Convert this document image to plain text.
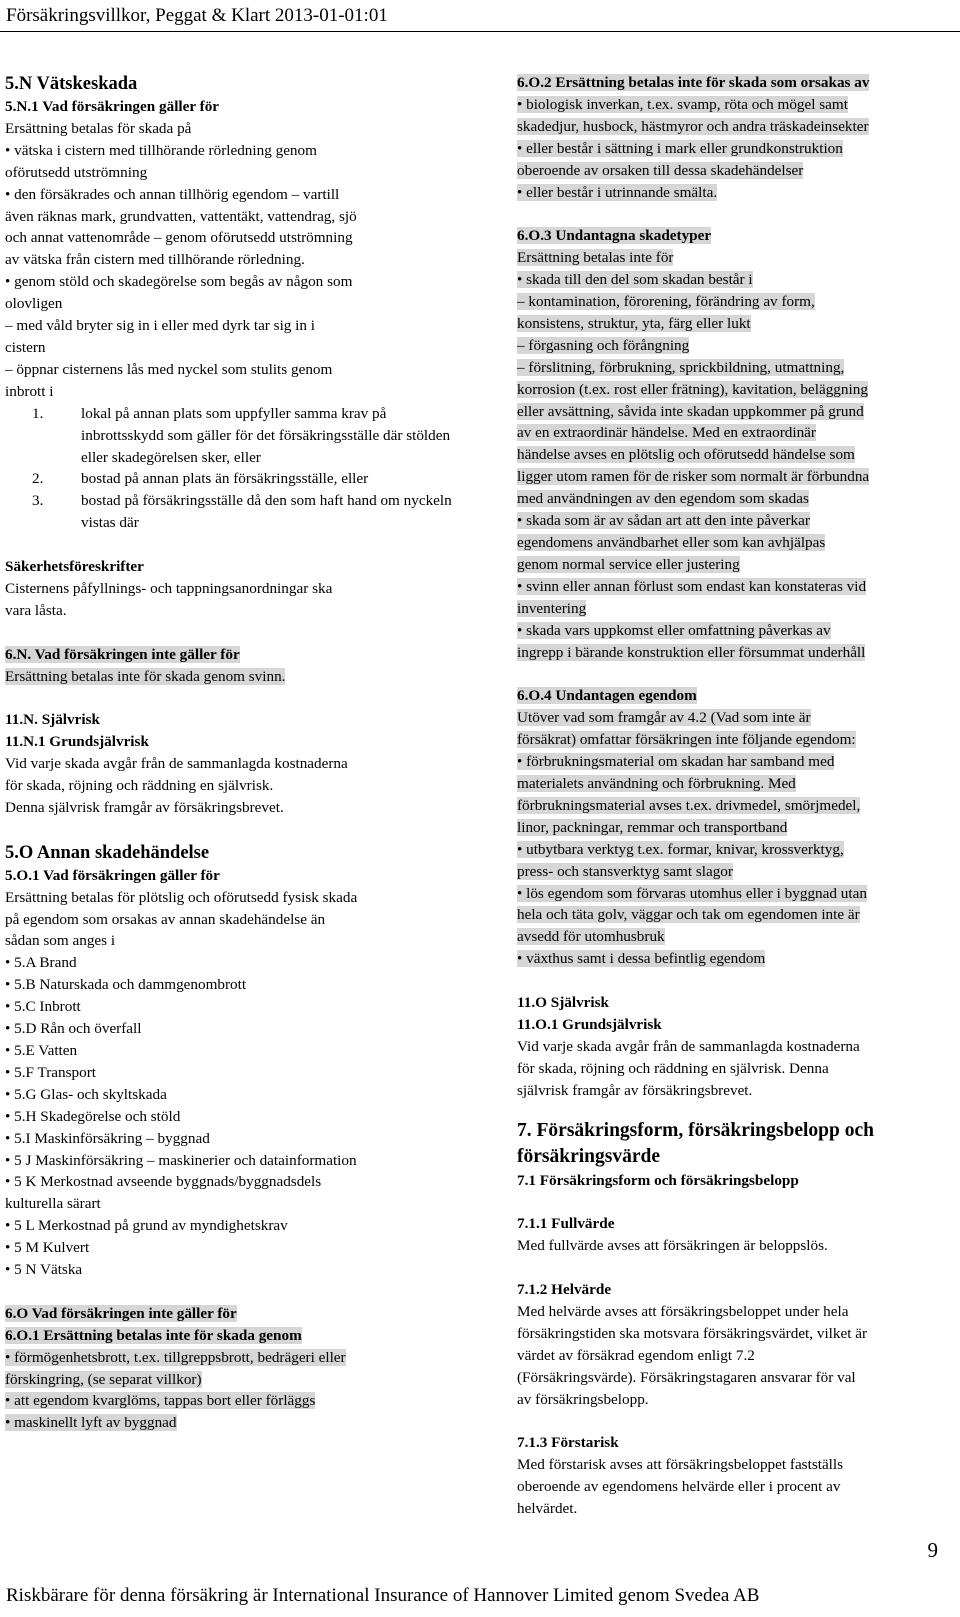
Försäkringsvillkor, Peggat & Klart 2013-01-01:01

5.N Vätskeskada

5.N.1 Vad försäkringen gäller för

Ersättning betalas för skada på

• vätska i cistern med tillhörande rörledning genom

oförutsedd utströmning

• den försäkrades och annan tillhörig egendom – vartill

även räknas mark, grundvatten, vattentäkt, vattendrag, sjö

och annat vattenområde – genom oförutsedd utströmning

av vätska från cistern med tillhörande rörledning.

• genom stöld och skadegörelse som begås av någon som

olovligen

– med våld bryter sig in i eller med dyrk tar sig in i

cistern

– öppnar cisternens lås med nyckel som stulits genom

inbrott i

1. lokal på annan plats som uppfyller samma krav på inbrottsskydd som gäller för det försäkringsställe där stölden eller skadegörelsen sker, eller

2. bostad på annan plats än försäkringsställe, eller

3. bostad på försäkringsställe då den som haft hand om nyckeln vistas där

Säkerhetsföreskrifter

Cisternens påfyllnings- och tappningsanordningar ska

vara låsta.

6.N. Vad försäkringen inte gäller för

Ersättning betalas inte för skada genom svinn.

11.N. Självrisk

11.N.1 Grundsjälvrisk

Vid varje skada avgår från de sammanlagda kostnaderna

för skada, röjning och räddning en självrisk.

Denna självrisk framgår av försäkringsbrevet.

5.O Annan skadehändelse

5.O.1 Vad försäkringen gäller för

Ersättning betalas för plötslig och oförutsedd fysisk skada

på egendom som orsakas av annan skadehändelse än

sådan som anges i

• 5.A Brand

• 5.B Naturskada och dammgenombrott

• 5.C Inbrott

• 5.D Rån och överfall

• 5.E Vatten

• 5.F Transport

• 5.G Glas- och skyltskada

• 5.H Skadegörelse och stöld

• 5.I Maskinförsäkring – byggnad

• 5 J Maskinförsäkring – maskinerier och datainformation

• 5 K Merkostnad avseende byggnads/byggnadsdels

kulturella särart

• 5 L Merkostnad på grund av myndighetskrav

• 5 M Kulvert

• 5 N Vätska

6.O Vad försäkringen inte gäller för

6.O.1 Ersättning betalas inte för skada genom

• förmögenhetsbrott, t.ex. tillgreppsbrott, bedrägeri eller

förskingring, (se separat villkor)

• att egendom kvarglöms, tappas bort eller förläggs

• maskinellt lyft av byggnad

6.O.2 Ersättning betalas inte för skada som orsakas av

• biologisk inverkan, t.ex. svamp, röta och mögel samt

skadedjur, husbock, hästmyror och andra träskadeinsekter

• eller består i sättning i mark eller grundkonstruktion

oberoende av orsaken till dessa skadehändelser

• eller består i utrinnande smälta.

6.O.3 Undantagna skadetyper

Ersättning betalas inte för

• skada till den del som skadan består i

– kontamination, förorening, förändring av form,

konsistens, struktur, yta, färg eller lukt

– förgasning och förångning

– förslitning, förbrukning, sprickbildning, utmattning,

korrosion (t.ex. rost eller frätning), kavitation, beläggning

eller avsättning, såvida inte skadan uppkommer på grund

av en extraordinär händelse. Med en extraordinär

händelse avses en plötslig och oförutsedd händelse som

ligger utom ramen för de risker som normalt är förbundna

med användningen av den egendom som skadas

• skada som är av sådan art att den inte påverkar

egendomens användbarhet eller som kan avhjälpas

genom normal service eller justering

• svinn eller annan förlust som endast kan konstateras vid

inventering

• skada vars uppkomst eller omfattning påverkas av

ingrepp i bärande konstruktion eller försummat underhåll

6.O.4 Undantagen egendom

Utöver vad som framgår av 4.2 (Vad som inte är

försäkrat) omfattar försäkringen inte följande egendom:

• förbrukningsmaterial om skadan har samband med

materialets användning och förbrukning. Med

förbrukningsmaterial avses t.ex. drivmedel, smörjmedel,

linor, packningar, remmar och transportband

• utbytbara verktyg t.ex. formar, knivar, krossverktyg,

press- och stansverktyg samt slagor

• lös egendom som förvaras utomhus eller i byggnad utan

hela och täta golv, väggar och tak om egendomen inte är

avsedd för utomhusbruk

• växthus samt i dessa befintlig egendom

11.O Självrisk

11.O.1 Grundsjälvrisk

Vid varje skada avgår från de sammanlagda kostnaderna

för skada, röjning och räddning en självrisk. Denna

självrisk framgår av försäkringsbrevet.

7. Försäkringsform, försäkringsbelopp och

försäkringsvärde

7.1 Försäkringsform och försäkringsbelopp

7.1.1 Fullvärde

Med fullvärde avses att försäkringen är beloppslös.

7.1.2 Helvärde

Med helvärde avses att försäkringsbeloppet under hela

försäkringstiden ska motsvara försäkringsvärdet, vilket är

värdet av försäkrad egendom enligt 7.2

(Försäkringsvärde). Försäkringstagaren ansvarar för val

av försäkringsbelopp.

7.1.3 Förstarisk

Med förstarisk avses att försäkringsbeloppet fastställs

oberoende av egendomens helvärde eller i procent av

helvärdet.

9
Riskbärare för denna försäkring är International Insurance of Hannover Limited genom Svedea AB
